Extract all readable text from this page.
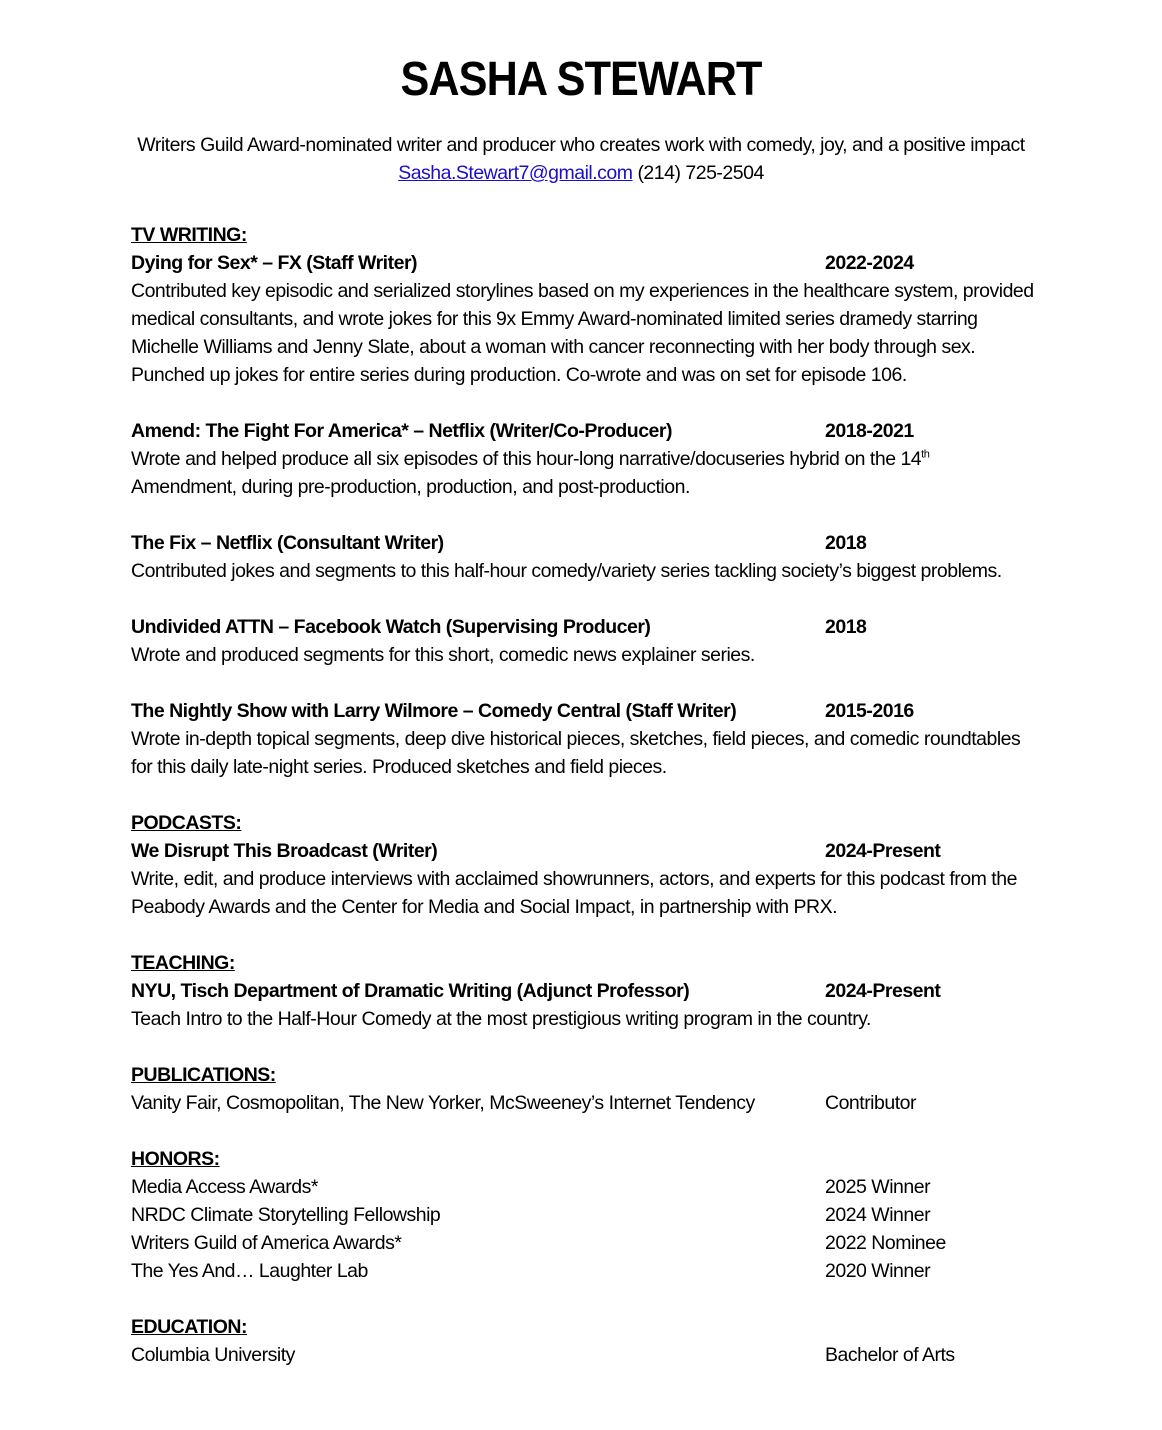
SASHA STEWART

Writers Guild Award-nominated writer and producer who creates work with comedy, joy, and a positive impact

Sasha.Stewart7@gmail.com (214) 725-2504

TV WRITING:
Dying for Sex* – FX (Staff Writer)	2022-2024

Contributed key episodic and serialized storylines based on my experiences in the healthcare system, provided medical consultants, and wrote jokes for this 9x Emmy Award-nominated limited series dramedy starring Michelle Williams and Jenny Slate, about a woman with cancer reconnecting with her body through sex. Punched up jokes for entire series during production. Co-wrote and was on set for episode 106.

Amend: The Fight For America* – Netflix (Writer/Co-Producer)	2018-2021

Wrote and helped produce all six episodes of this hour-long narrative/docuseries hybrid on the 14th Amendment, during pre-production, production, and post-production.

The Fix – Netflix (Consultant Writer)	2018

Contributed jokes and segments to this half-hour comedy/variety series tackling society’s biggest problems.

Undivided ATTN – Facebook Watch (Supervising Producer)	2018

Wrote and produced segments for this short, comedic news explainer series.

The Nightly Show with Larry Wilmore – Comedy Central (Staff Writer)	2015-2016

Wrote in-depth topical segments, deep dive historical pieces, sketches, field pieces, and comedic roundtables for this daily late-night series. Produced sketches and field pieces.

PODCASTS:
We Disrupt This Broadcast (Writer)	2024-Present

Write, edit, and produce interviews with acclaimed showrunners, actors, and experts for this podcast from the Peabody Awards and the Center for Media and Social Impact, in partnership with PRX.

TEACHING:
NYU, Tisch Department of Dramatic Writing (Adjunct Professor)	2024-Present

Teach Intro to the Half-Hour Comedy at the most prestigious writing program in the country.

PUBLICATIONS:
Vanity Fair, Cosmopolitan, The New Yorker, McSweeney’s Internet Tendency	Contributor
HONORS:
Media Access Awards*	2025 Winner
NRDC Climate Storytelling Fellowship	2024 Winner
Writers Guild of America Awards*	2022 Nominee
The Yes And… Laughter Lab	2020 Winner
EDUCATION:
Columbia University	Bachelor of Arts
